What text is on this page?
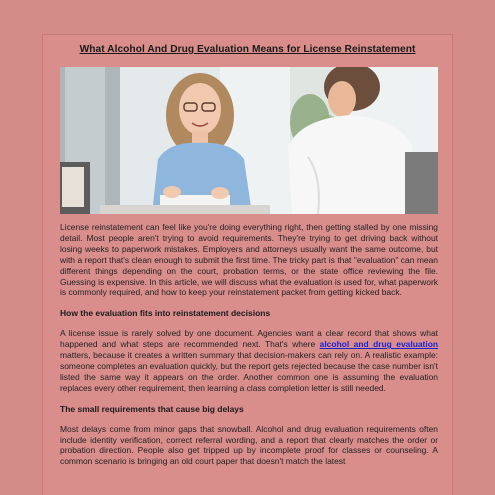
What Alcohol And Drug Evaluation Means for License Reinstatement

License reinstatement can feel like you're doing everything right, then getting stalled by one missing detail. Most people aren't trying to avoid requirements. They're trying to get driving back without losing weeks to paperwork mistakes. Employers and attorneys usually want the same outcome, but with a report that's clean enough to submit the first time. The tricky part is that "evaluation" can mean different things depending on the court, probation terms, or the state office reviewing the file. Guessing is expensive. In this article, we will discuss what the evaluation is used for, what paperwork is commonly required, and how to keep your reinstatement packet from getting kicked back.

How the evaluation fits into reinstatement decisions

A license issue is rarely solved by one document. Agencies want a clear record that shows what happened and what steps are recommended next. That's where alcohol and drug evaluation matters, because it creates a written summary that decision-makers can rely on. A realistic example: someone completes an evaluation quickly, but the report gets rejected because the case number isn't listed the same way it appears on the order. Another common one is assuming the evaluation replaces every other requirement, then learning a class completion letter is still needed.

The small requirements that cause big delays

Most delays come from minor gaps that snowball. Alcohol and drug evaluation requirements often include identity verification, correct referral wording, and a report that clearly matches the order or probation direction. People also get tripped up by incomplete proof for classes or counseling. A common scenario is bringing an old court paper that doesn't match the latest
